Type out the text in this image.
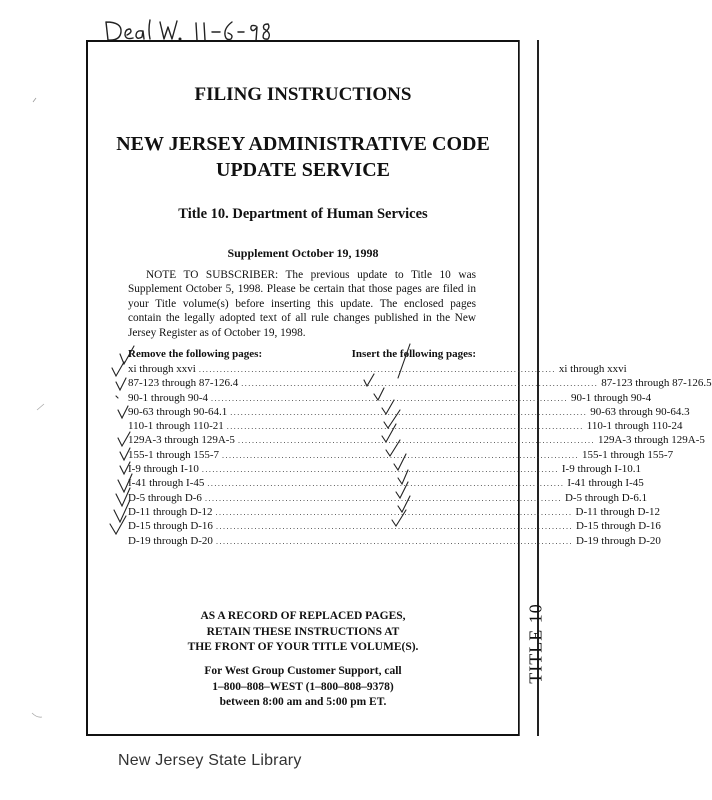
TITLE 10
FILING INSTRUCTIONS
NEW JERSEY ADMINISTRATIVE CODE
UPDATE SERVICE
Title 10. Department of Human Services
Supplement October 19, 1998
NOTE TO SUBSCRIBER: The previous update to Title 10 was Supplement October 5, 1998. Please be certain that those pages are filed in your Title volume(s) before inserting this update. The enclosed pages contain the legally adopted text of all rule changes published in the New Jersey Register as of October 19, 1998.
Remove the following pages:	Insert the following pages:
xi through xxvi ...................................................................................................... xi through xxvi
87-123 through 87-126.4 ...................................................................................................... 87-123 through 87-126.5
90-1 through 90-4 ...................................................................................................... 90-1 through 90-4
90-63 through 90-64.1 ...................................................................................................... 90-63 through 90-64.3
110-1 through 110-21 ...................................................................................................... 110-1 through 110-24
129A-3 through 129A-5 ...................................................................................................... 129A-3 through 129A-5
155-1 through 155-7 ...................................................................................................... 155-1 through 155-7
I-9 through I-10 ...................................................................................................... I-9 through I-10.1
I-41 through I-45 ...................................................................................................... I-41 through I-45
D-5 through D-6 ...................................................................................................... D-5 through D-6.1
D-11 through D-12 ...................................................................................................... D-11 through D-12
D-15 through D-16 ...................................................................................................... D-15 through D-16
D-19 through D-20 ...................................................................................................... D-19 through D-20
AS A RECORD OF REPLACED PAGES,
RETAIN THESE INSTRUCTIONS AT
THE FRONT OF YOUR TITLE VOLUME(S).
For West Group Customer Support, call
1–800–808–WEST (1–800–808–9378)
between 8:00 am and 5:00 pm ET.
New Jersey State Library
